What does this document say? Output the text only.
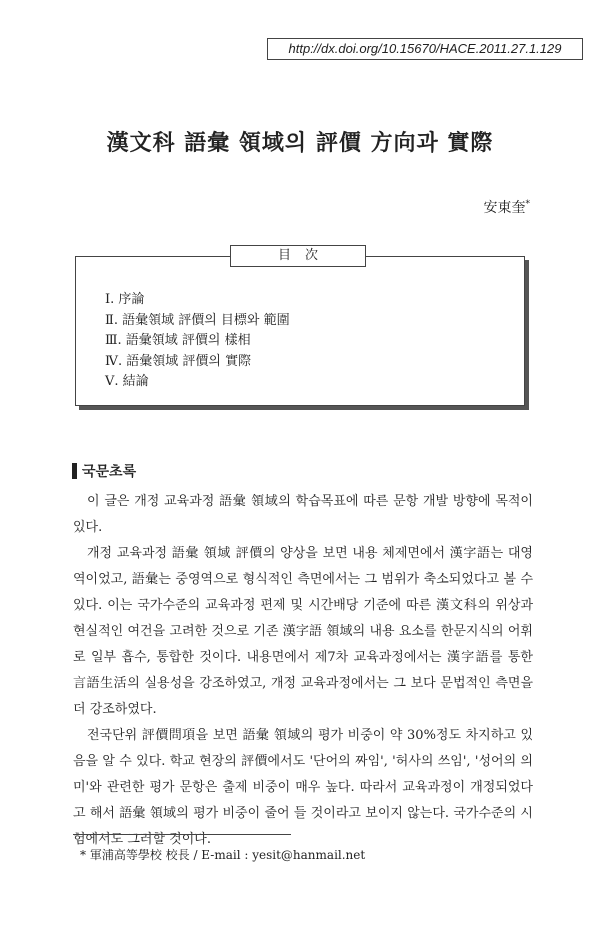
http://dx.doi.org/10.15670/HACE.2011.27.1.129
漢文科 語彙 領域의 評價 方向과 實際
安東奎*
目次
Ⅰ. 序論
Ⅱ. 語彙領域 評價의 目標와 範圍
Ⅲ. 語彙領域 評價의 樣相
Ⅳ. 語彙領域 評價의 實際
Ⅴ. 結論
국문초록

이 글은 개정 교육과정 語彙 領域의 학습목표에 따른 문항 개발 방향에 목적이 있다.

개정 교육과정 語彙 領域 評價의 양상을 보면 내용 체제면에서 漢字語는 대영역이었고, 語彙는 중영역으로 형식적인 측면에서는 그 범위가 축소되었다고 볼 수 있다. 이는 국가수준의 교육과정 편제 및 시간배당 기준에 따른 漢文科의 위상과 현실적인 여건을 고려한 것으로 기존 漢字語 領域의 내용 요소를 한문지식의 어휘로 일부 흡수, 통합한 것이다. 내용면에서 제7차 교육과정에서는 漢字語를 통한 言語生活의 실용성을 강조하였고, 개정 교육과정에서는 그 보다 문법적인 측면을 더 강조하였다.

전국단위 評價問項을 보면 語彙 領域의 평가 비중이 약 30%정도 차지하고 있음을 알 수 있다. 학교 현장의 評價에서도 '단어의 짜임', '허사의 쓰임', '성어의 의미'와 관련한 평가 문항은 출제 비중이 매우 높다. 따라서 교육과정이 개정되었다고 해서 語彙 領域의 평가 비중이 줄어 들 것이라고 보이지 않는다. 국가수준의 시험에서도 그러할 것이다.

* 軍浦高等學校 校長 / E-mail : yesit@hanmail.net
